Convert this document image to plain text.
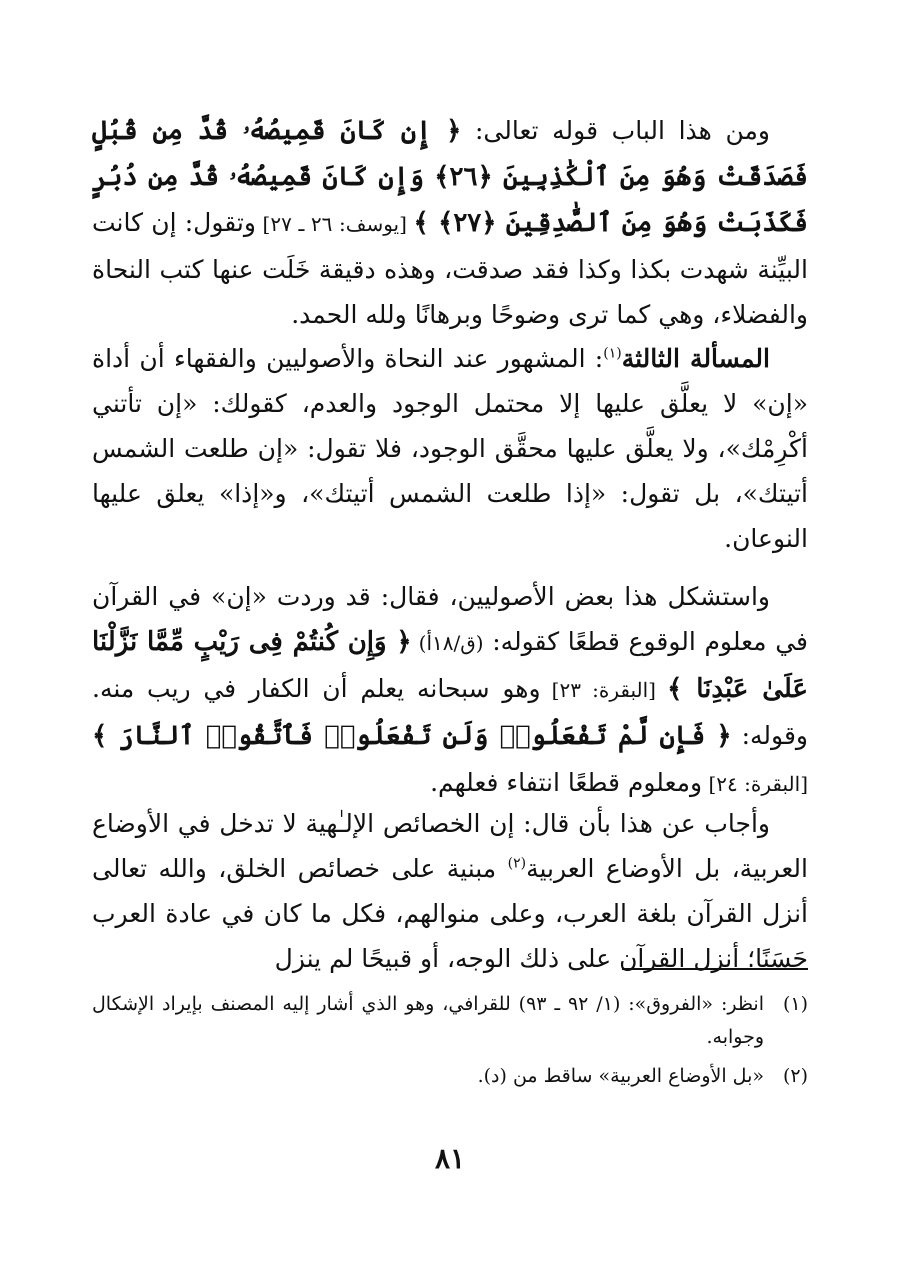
ومن هذا الباب قوله تعالى: ﴿ إِن كَانَ قَمِيصُهُۥ قُدَّ مِن قُبُلٍ فَصَدَقَتْ وَهُوَ مِنَ ٱلْكَٰذِبِينَ ﴿٢٦﴾ وَإِن كَانَ قَمِيصُهُۥ قُدَّ مِن دُبُرٍ فَكَذَبَتْ وَهُوَ مِنَ ٱلصَّٰدِقِينَ ﴿٢٧﴾ ﴾ [يوسف: ٢٦ ـ ٢٧] وتقول: إن كانت البيِّنة شهدت بكذا وكذا فقد صدقت، وهذه دقيقة خَلَت عنها كتب النحاة والفضلاء، وهي كما ترى وضوحًا وبرهانًا ولله الحمد.

المسألة الثالثة$^{(١)}$: المشهور عند النحاة والأصوليين والفقهاء أن أداة «إن» لا يعلَّق عليها إلا محتمل الوجود والعدم، كقولك: «إن تأتني أكْرِمْك»، ولا يعلَّق عليها محقَّق الوجود، فلا تقول: «إن طلعت الشمس أتيتك»، بل تقول: «إذا طلعت الشمس أتيتك»، و«إذا» يعلق عليها النوعان.

واستشكل هذا بعض الأصوليين، فقال: قد وردت «إن» في القرآن في معلوم الوقوع قطعًا كقوله: (ق/١٨أ) ﴿ وَإِن كُنتُمْ فِى رَيْبٍ مِّمَّا نَزَّلْنَا عَلَىٰ عَبْدِنَا ﴾ [البقرة: ٢٣] وهو سبحانه يعلم أن الكفار في ريب منه. وقوله: ﴿ فَإِن لَّمْ تَفْعَلُوا۟ وَلَن تَفْعَلُوا۟ فَٱتَّقُوا۟ ٱلنَّارَ ﴾ [البقرة: ٢٤] ومعلوم قطعًا انتفاء فعلهم.

وأجاب عن هذا بأن قال: إن الخصائص الإلـٰهية لا تدخل في الأوضاع العربية، بل الأوضاع العربية$^{(٢)}$ مبنية على خصائص الخلق، والله تعالى أنزل القرآن بلغة العرب، وعلى منوالهم، فكل ما كان في عادة العرب حَسَنًا؛ أنزل القرآن على ذلك الوجه، أو قبيحًا لم ينزل

(١)
انظر: «الفروق»: (١/ ٩٢ ـ ٩٣) للقرافي، وهو الذي أشار إليه المصنف بإيراد الإشكال وجوابه.

(٢)
«بل الأوضاع العربية» ساقط من (د).

٨١
